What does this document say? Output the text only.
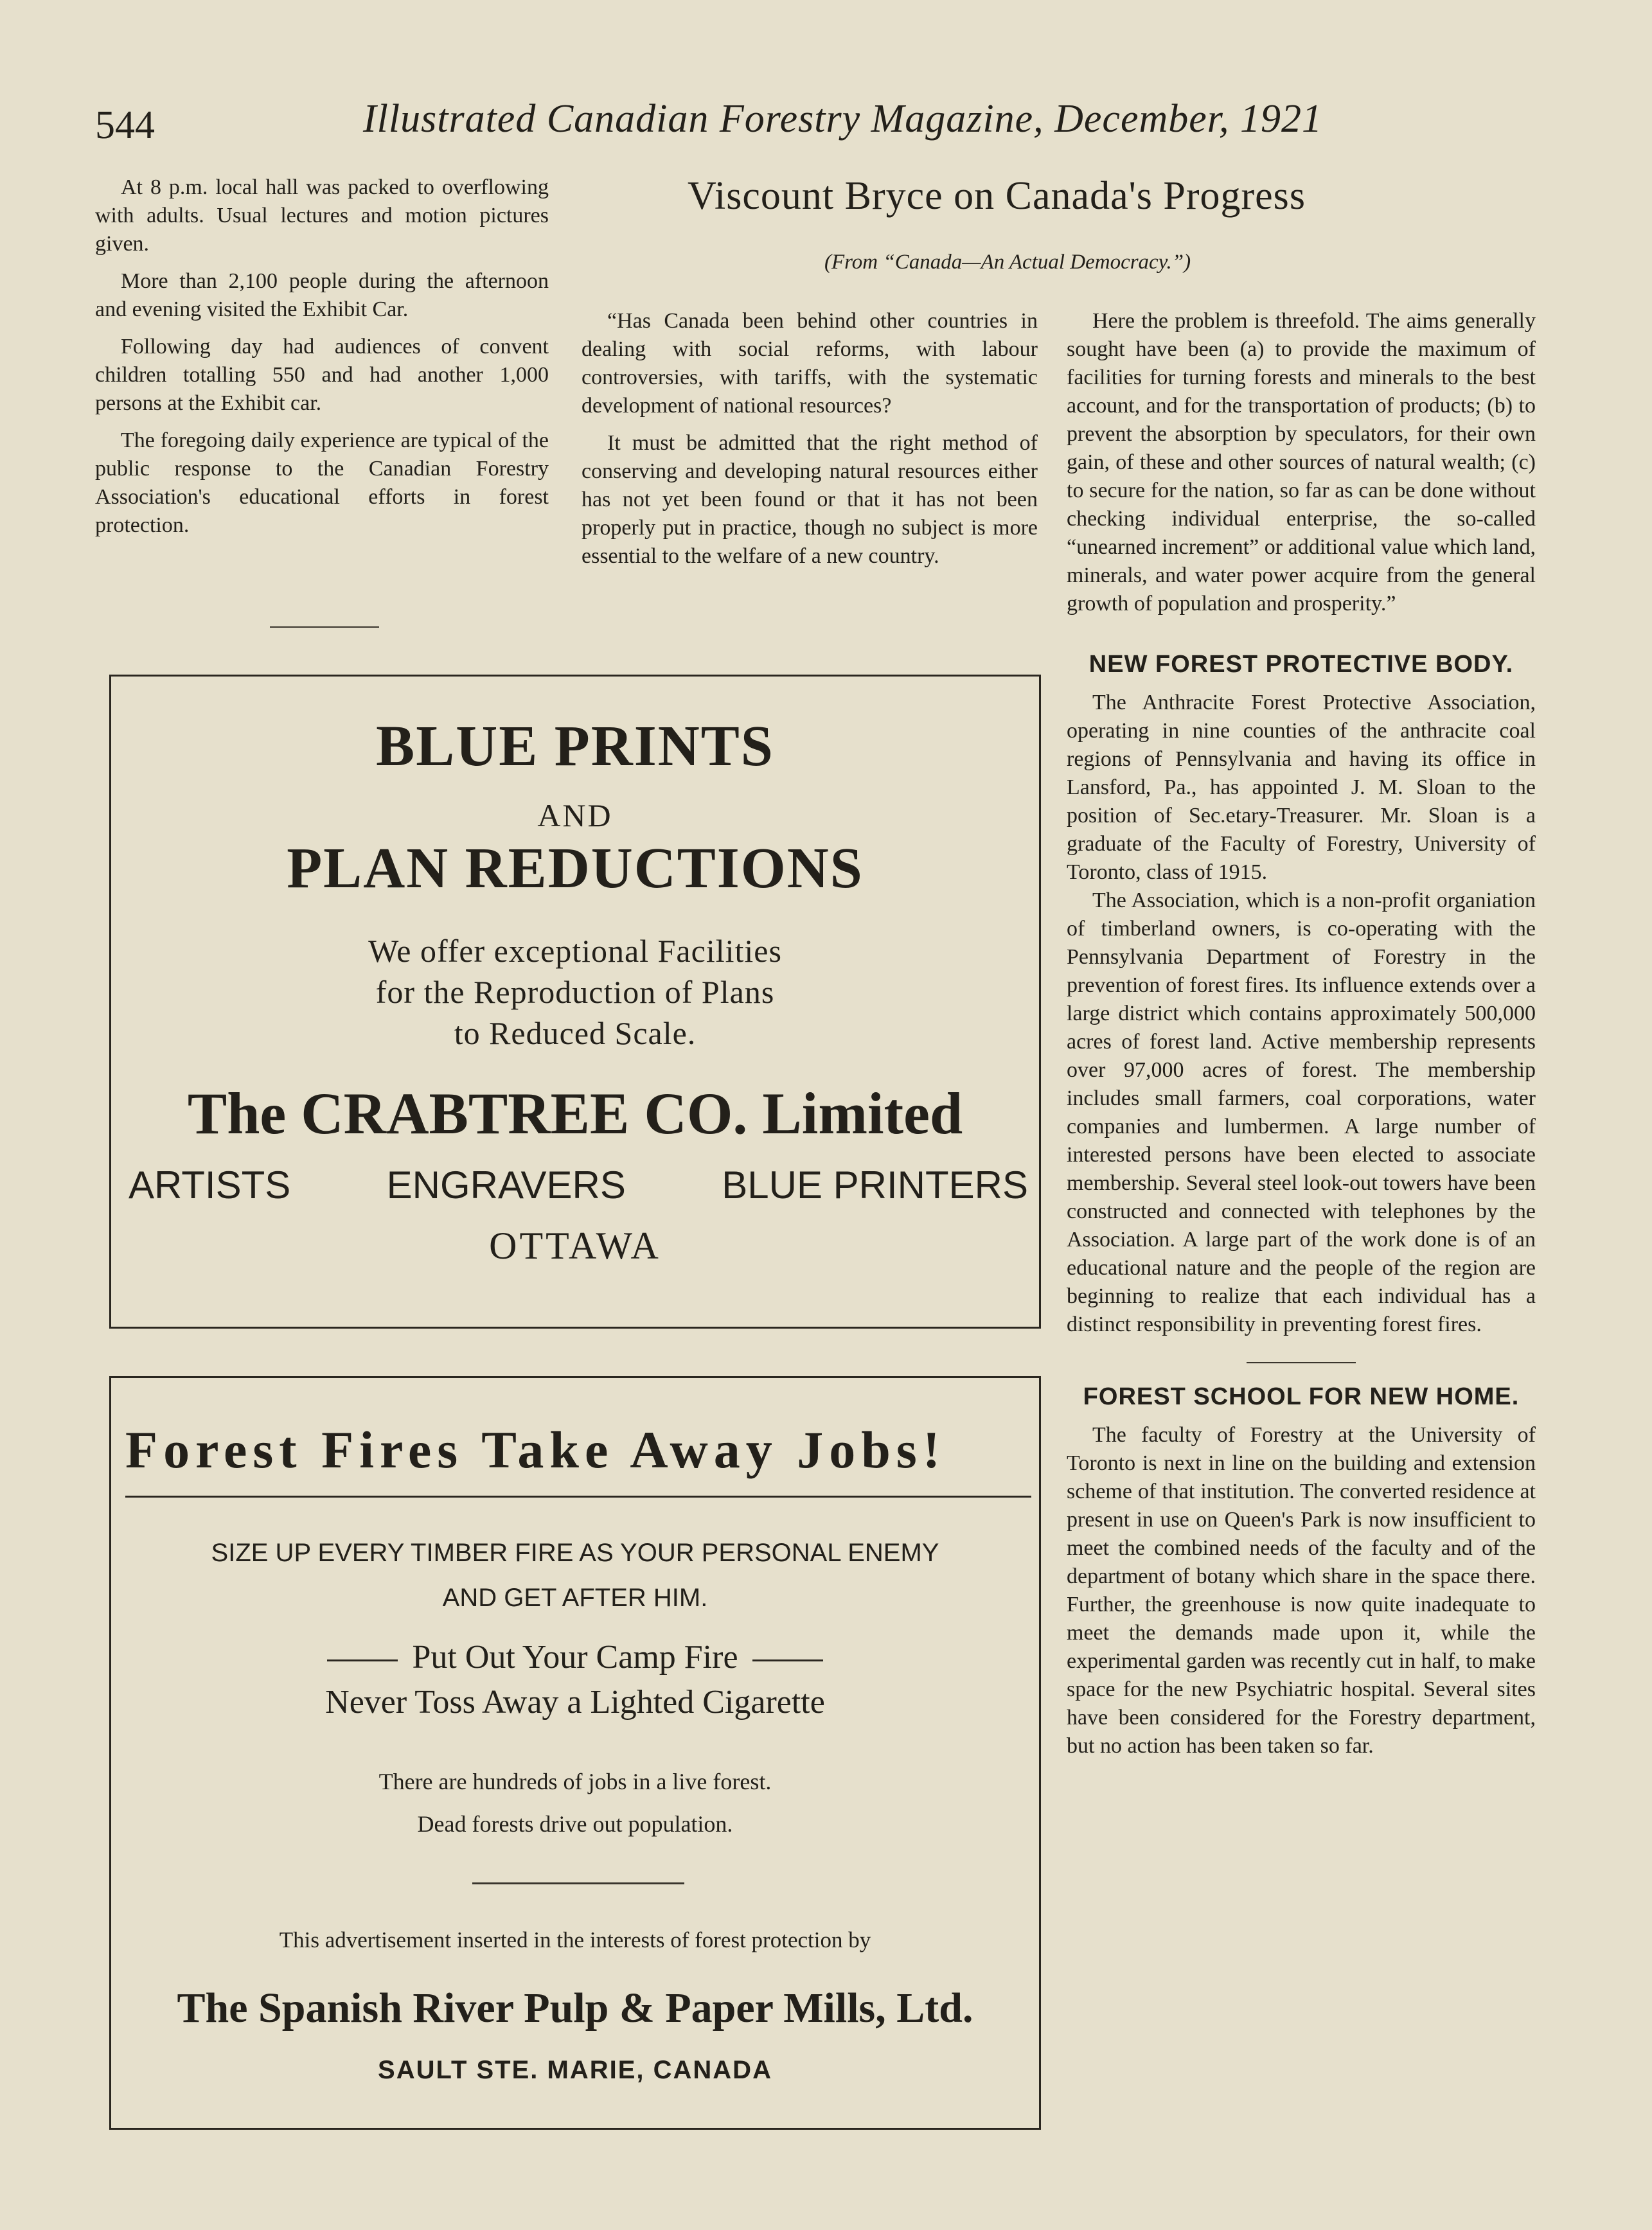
544	Illustrated Canadian Forestry Magazine, December, 1921

At 8 p.m. local hall was packed to overflowing with adults. Usual lectures and motion pictures given.

More than 2,100 people during the afternoon and evening visited the Exhibit Car.

Following day had audiences of convent children totalling 550 and had another 1,000 persons at the Exhibit car.

The foregoing daily experience are typical of the public response to the Canadian Forestry Association's educational efforts in forest protection.

Viscount Bryce on Canada's Progress
(From “Canada—An Actual Democracy.”)

“Has Canada been behind other countries in dealing with social reforms, with labour controversies, with tariffs, with the systematic development of national resources?

It must be admitted that the right method of conserving and developing natural resources either has not yet been found or that it has not been properly put in practice, though no subject is more essential to the welfare of a new country.

Here the problem is threefold. The aims generally sought have been (a) to provide the maximum of facilities for turning forests and minerals to the best account, and for the transportation of products; (b) to prevent the absorption by speculators, for their own gain, of these and other sources of natural wealth; (c) to secure for the nation, so far as can be done without checking individual enterprise, the so-called “unearned increment” or additional value which land, minerals, and water power acquire from the general growth of population and prosperity.”

NEW FOREST PROTECTIVE BODY.

The Anthracite Forest Protective Association, operating in nine counties of the anthracite coal regions of Pennsylvania and having its office in Lansford, Pa., has appointed J. M. Sloan to the position of Sec.etary-Treasurer. Mr. Sloan is a graduate of the Faculty of Forestry, University of Toronto, class of 1915.

The Association, which is a non-profit organiation of timberland owners, is co-operating with the Pennsylvania Department of Forestry in the prevention of forest fires. Its influence extends over a large district which contains approximately 500,000 acres of forest land. Active membership represents over 97,000 acres of forest. The membership includes small farmers, coal corporations, water companies and lumbermen. A large number of interested persons have been elected to associate membership. Several steel look-out towers have been constructed and connected with telephones by the Association. A large part of the work done is of an educational nature and the people of the region are beginning to realize that each individual has a distinct responsibility in preventing forest fires.

FOREST SCHOOL FOR NEW HOME.

The faculty of Forestry at the University of Toronto is next in line on the building and extension scheme of that institution. The converted residence at present in use on Queen's Park is now insufficient to meet the combined needs of the faculty and of the department of botany which share in the space there. Further, the greenhouse is now quite inadequate to meet the demands made upon it, while the experimental garden was recently cut in half, to make space for the new Psychiatric hospital. Several sites have been considered for the Forestry department, but no action has been taken so far.

BLUE PRINTS
AND
PLAN REDUCTIONS
We offer exceptional Facilities
for the Reproduction of Plans
to Reduced Scale.
The CRABTREE CO. Limited
ARTISTS ENGRAVERS BLUE PRINTERS
OTTAWA
Forest Fires Take Away Jobs!
SIZE UP EVERY TIMBER FIRE AS YOUR PERSONAL ENEMY
AND GET AFTER HIM.
Put Out Your Camp Fire
Never Toss Away a Lighted Cigarette
There are hundreds of jobs in a live forest.
Dead forests drive out population.
This advertisement inserted in the interests of forest protection by
The Spanish River Pulp & Paper Mills, Ltd.
SAULT STE. MARIE, CANADA
